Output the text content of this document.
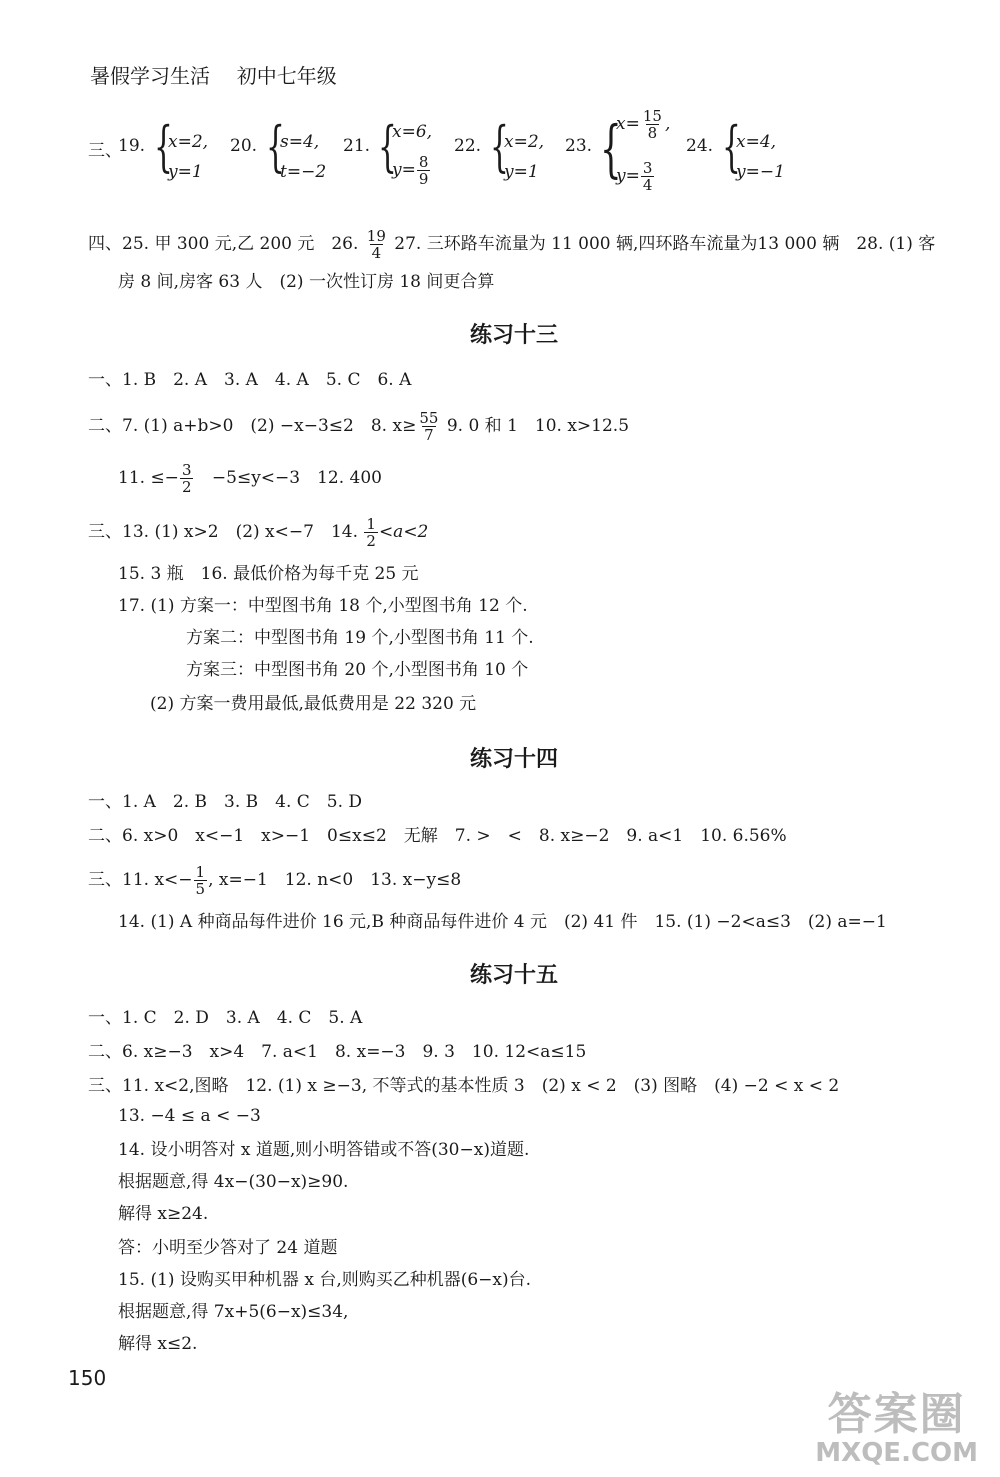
暑假学习生活 初中七年级
三、
19. {
x=2,
y=1
20. {
s=4,
t=−2
21. {
x=6,
$y= \frac{8}{9}$
22. {
x=2,
y=1
23. {
$x= \frac{15}{8}$ ,
$y= \frac{3}{4}$
24. {
x=4,
y=−1
四、25. 甲 300 元,乙 200 元　26. $\frac{19}{4} 27$. 三环路车流量为 11 000 辆,四环路车流量为13 000 辆　28. (1) 客
房 8 间,房客 63 人　(2) 一次性订房 18 间更合算
练习十三
一、1. B　2. A　3. A　4. A　5. C　6. A
二、7. (1) a+b>0　(2) −x−3≤2　8. $x\ge \frac{55}{7} 9$. 0 和 1　10. x>12.5
11. ≤− $\frac{3}{2} -5\le y<-3$　12. 400
三、13. (1) x>2　(2) x<−7　14. $\frac{1}{2} <a<2$
15. 3 瓶　16. 最低价格为每千克 25 元
17. (1) 方案一：中型图书角 18 个,小型图书角 12 个.
方案二：中型图书角 19 个,小型图书角 11 个.
方案三：中型图书角 20 个,小型图书角 10 个
(2) 方案一费用最低,最低费用是 22 320 元
练习十四
一、1. A　2. B　3. B　4. C　5. D
二、6. x>0　x<−1　x>−1　0≤x≤2　无解　7. >　<　8. x≥−2　9. a<1　10. 6.56%
三、11. $x<- \frac{1}{5}$ , x=−1　12. n<0　13. x−y≤8
14. (1) A 种商品每件进价 16 元,B 种商品每件进价 4 元　(2) 41 件　15. (1) −2<a≤3　(2) a=−1
练习十五
一、1. C　2. D　3. A　4. C　5. A
二、6. x≥−3　x>4　7. a<1　8. x=−3　9. 3　10. 12<a≤15
三、11. x<2,图略　12. (1) x ≥−3, 不等式的基本性质 3　(2) x < 2　(3) 图略　(4) −2 < x < 2
13. −4 ≤ a < −3
14. 设小明答对 x 道题,则小明答错或不答(30−x)道题.
根据题意,得 4x−(30−x)≥90.
解得 x≥24.
答：小明至少答对了 24 道题
15. (1) 设购买甲种机器 x 台,则购买乙种机器(6−x)台.
根据题意,得 7x+5(6−x)≤34,
解得 x≤2.
150
答案圈
MXQE.COM
